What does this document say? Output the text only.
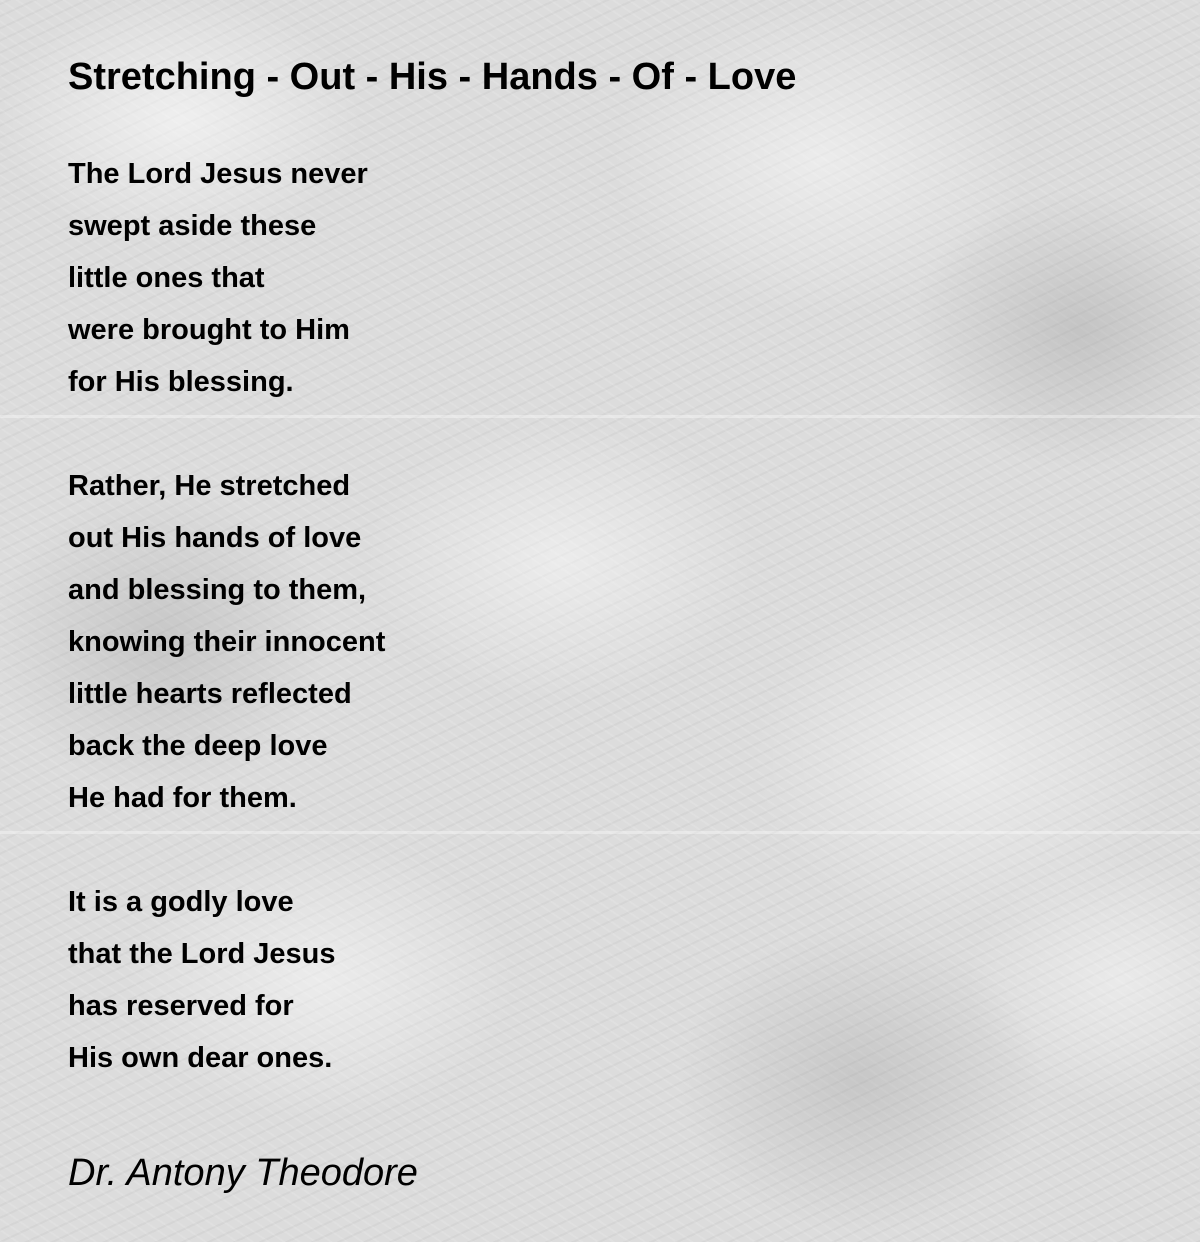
Stretching - Out - His - Hands - Of - Love
The Lord Jesus never
swept aside these
little ones that
were brought to Him
for His blessing.
Rather, He stretched
out His hands of love
and blessing to them,
knowing their innocent
little hearts reflected
back the deep love
He had for them.
It is a godly love
that the Lord Jesus
has reserved for
His own dear ones.
Dr. Antony Theodore
